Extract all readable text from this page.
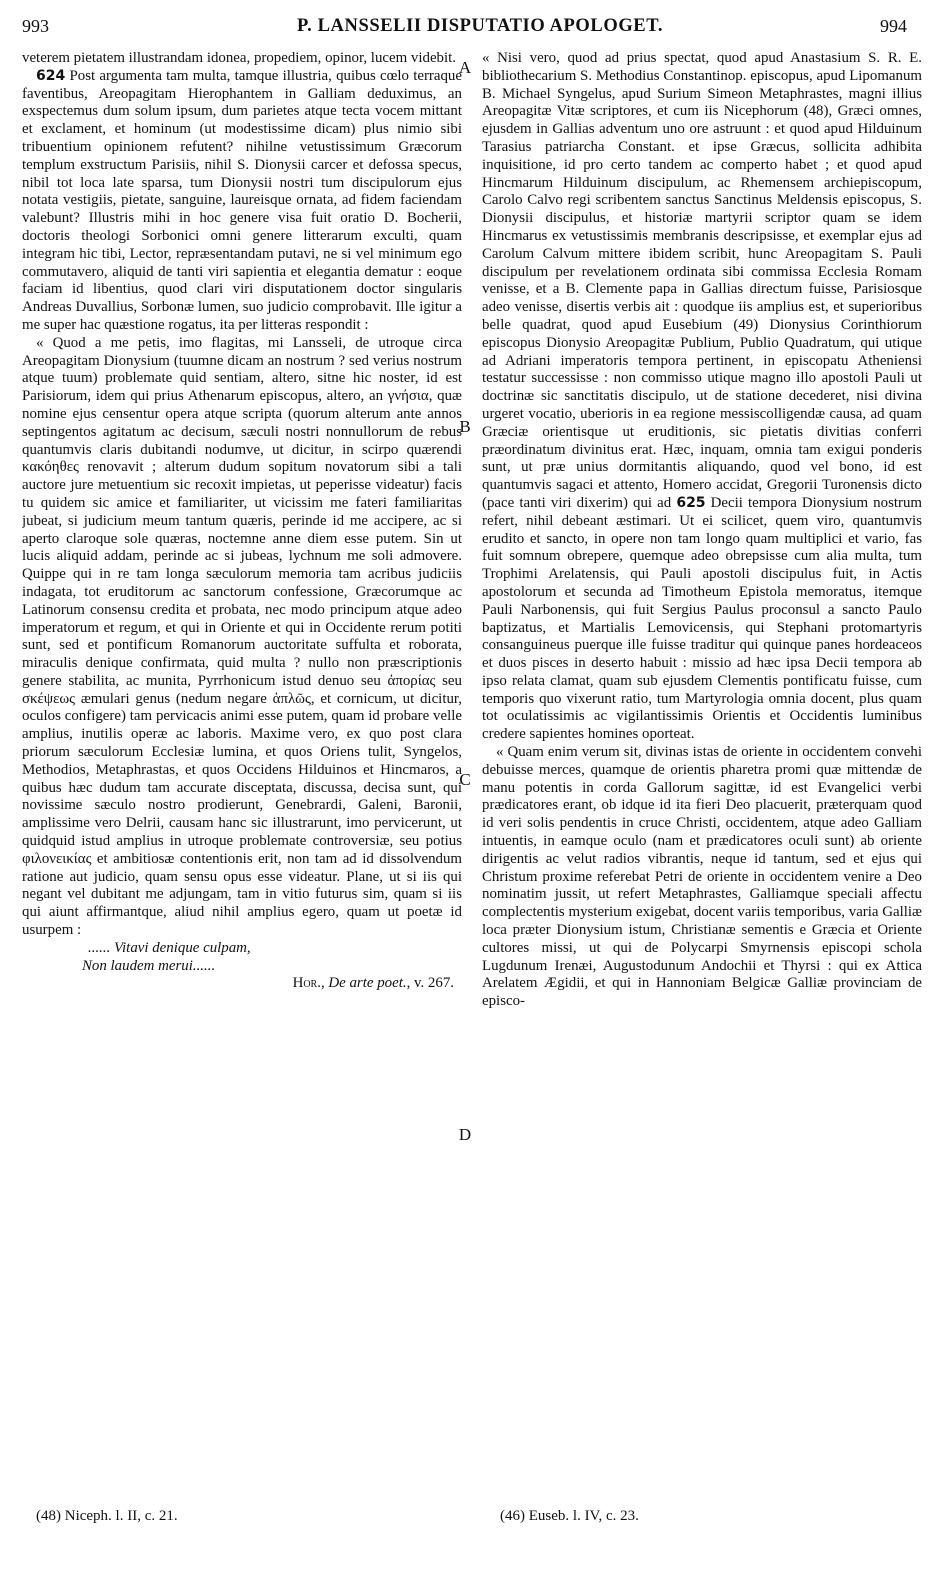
993	P. LANSSELII DISPUTATIO APOLOGET.	994

veterem pietatem illustrandam idonea, propediem, opinor, lucem videbit.

624 Post argumenta tam multa, tamque illustria, quibus cœlo terraque faventibus, Areopagitam Hierophantem in Galliam deduximus, an exspectemus dum solum ipsum, dum parietes atque tecta vocem mittant et exclament, et hominum (ut modestissime dicam) plus nimio sibi tribuentium opinionem refutent? nihilne vetustissimum Græcorum templum exstructum Parisiis, nihil S. Dionysii carcer et defossa specus, nibil tot loca late sparsa, tum Dionysii nostri tum discipulorum ejus notata vestigiis, pietate, sanguine, laureisque ornata, ad fidem faciendam valebunt? Illustris mihi in hoc genere visa fuit oratio D. Bocherii, doctoris theologi Sorbonici omni genere litterarum exculti, quam integram hic tibi, Lector, repræsentandam putavi, ne si vel minimum ego commutavero, aliquid de tanti viri sapientia et elegantia dematur : eoque faciam id libentius, quod clari viri disputationem doctor singularis Andreas Duvallius, Sorbonæ lumen, suo judicio comprobavit. Ille igitur a me super hac quæstione rogatus, ita per litteras respondit :

« Quod a me petis, imo flagitas, mi Lansseli, de utroque circa Areopagitam Dionysium (tuumne dicam an nostrum ? sed verius nostrum atque tuum) problemate quid sentiam, altero, sitne hic noster, id est Parisiorum, idem qui prius Athenarum episcopus, altero, an γνήσια, quæ nomine ejus censentur opera atque scripta (quorum alterum ante annos septingentos agitatum ac decisum, sæculi nostri nonnullorum de rebus quantumvis claris dubitandi nodumve, ut dicitur, in scirpo quærendi κακόηθες renovavit ; alterum dudum sopitum novatorum sibi a tali auctore jure metuentium sic recoxit impietas, ut peperisse videatur) facis tu quidem sic amice et familiariter, ut vicissim me fateri familiaritas jubeat, si judicium meum tantum quæris, perinde id me accipere, ac si aperto claroque sole quæras, noctemne anne diem esse putem. Sin ut lucis aliquid addam, perinde ac si jubeas, lychnum me soli admovere. Quippe qui in re tam longa sæculorum memoria tam acribus judiciis indagata, tot eruditorum ac sanctorum confessione, Græcorumque ac Latinorum consensu credita et probata, nec modo principum atque adeo imperatorum et regum, et qui in Oriente et qui in Occidente rerum potiti sunt, sed et pontificum Romanorum auctoritate suffulta et roborata, miraculis denique confirmata, quid multa ? nullo non præscriptionis genere stabilita, ac munita, Pyrrhonicum istud denuo seu ἀπορίας seu σκέψεως æmulari genus (nedum negare ἁπλῶς, et cornicum, ut dicitur, oculos configere) tam pervicacis animi esse putem, quam id probare velle amplius, inutilis operæ ac laboris. Maxime vero, ex quo post clara priorum sæculorum Ecclesiæ lumina, et quos Oriens tulit, Syngelos, Methodios, Metaphrastas, et quos Occidens Hilduinos et Hincmaros, a quibus hæc dudum tam accurate disceptata, discussa, decisa sunt, qui novissime sæculo nostro prodierunt, Genebrardi, Galeni, Baronii, amplissime vero Delrii, causam hanc sic illustrarunt, imo pervicerunt, ut quidquid istud amplius in utroque problemate controversiæ, seu potius φιλονεικίας et ambitiosæ contentionis erit, non tam ad id dissolvendum ratione aut judicio, quam sensu opus esse videatur. Plane, ut si iis qui negant vel dubitant me adjungam, tam in vitio futurus sim, quam si iis qui aiunt affirmantque, aliud nihil amplius egero, quam ut poetæ id usurpem :

...... Vitavi denique culpam,

Non laudem merui......

Hor., De arte poet., v. 267.

« Nisi vero, quod ad prius spectat, quod apud Anastasium S. R. E. bibliothecarium S. Methodius Constantinop. episcopus, apud Lipomanum B. Michael Syngelus, apud Surium Simeon Metaphrastes, magni illius Areopagitæ Vitæ scriptores, et cum iis Nicephorum (48), Græci omnes, ejusdem in Gallias adventum uno ore astruunt : et quod apud Hilduinum Tarasius patriarcha Constant. et ipse Græcus, sollicita adhibita inquisitione, id pro certo tandem ac comperto habet ; et quod apud Hincmarum Hilduinum discipulum, ac Rhemensem archiepiscopum, Carolo Calvo regi scribentem sanctus Sanctinus Meldensis episcopus, S. Dionysii discipulus, et historiæ martyrii scriptor quam se idem Hincmarus ex vetustissimis membranis descripsisse, et exemplar ejus ad Carolum Calvum mittere ibidem scribit, hunc Areopagitam S. Pauli discipulum per revelationem ordinata sibi commissa Ecclesia Romam venisse, et a B. Clemente papa in Gallias directum fuisse, Parisiosque adeo venisse, disertis verbis ait : quodque iis amplius est, et superioribus belle quadrat, quod apud Eusebium (49) Dionysius Corinthiorum episcopus Dionysio Areopagitæ Publium, Publio Quadratum, qui utique ad Adriani imperatoris tempora pertinent, in episcopatu Atheniensi testatur successisse : non commisso utique magno illo apostoli Pauli ut doctrinæ sic sanctitatis discipulo, ut de statione decederet, nisi divina urgeret vocatio, uberioris in ea regione messiscolligendæ causa, ad quam Græciæ orientisque ut eruditionis, sic pietatis divitias conferri præordinatum divinitus erat. Hæc, inquam, omnia tam exigui ponderis sunt, ut præ unius dormitantis aliquando, quod vel bono, id est quantumvis sagaci et attento, Homero accidat, Gregorii Turonensis dicto (pace tanti viri dixerim) qui ad 625 Decii tempora Dionysium nostrum refert, nihil debeant æstimari. Ut ei scilicet, quem viro, quantumvis erudito et sancto, in opere non tam longo quam multiplici et vario, fas fuit somnum obrepere, quemque adeo obrepsisse cum alia multa, tum Trophimi Arelatensis, qui Pauli apostoli discipulus fuit, in Actis apostolorum et secunda ad Timotheum Epistola memoratus, itemque Pauli Narbonensis, qui fuit Sergius Paulus proconsul a sancto Paulo baptizatus, et Martialis Lemovicensis, qui Stephani protomartyris consanguineus puerque ille fuisse traditur qui quinque panes hordeaceos et duos pisces in deserto habuit : missio ad hæc ipsa Decii tempora ab ipso relata clamat, quam sub ejusdem Clementis pontificatu fuisse, cum temporis quo vixerunt ratio, tum Martyrologia omnia docent, plus quam tot oculatissimis ac vigilantissimis Orientis et Occidentis luminibus credere sapientes homines oporteat.

« Quam enim verum sit, divinas istas de oriente in occidentem convehi debuisse merces, quamque de orientis pharetra promi quæ mittendæ de manu potentis in corda Gallorum sagittæ, id est Evangelici verbi prædicatores erant, ob idque id ita fieri Deo placuerit, præterquam quod id veri solis pendentis in cruce Christi, occidentem, atque adeo Galliam intuentis, in eamque oculo (nam et prædicatores oculi sunt) ab oriente dirigentis ac velut radios vibrantis, neque id tantum, sed et ejus qui Christum proxime referebat Petri de oriente in occidentem venire a Deo nominatim jussit, ut refert Metaphrastes, Galliamque speciali affectu complectentis mysterium exigebat, docent variis temporibus, varia Galliæ loca præter Dionysium istum, Christianæ sementis e Græcia et Oriente cultores missi, ut qui de Polycarpi Smyrnensis episcopi schola Lugdunum Irenæi, Augustodunum Andochii et Thyrsi : qui ex Attica Arelatem Ægidii, et qui in Hannoniam Belgicæ Galliæ provinciam de episco-

A
B
C
D
(48) Niceph. l. II, c. 21.	(46) Euseb. l. IV, c. 23.
